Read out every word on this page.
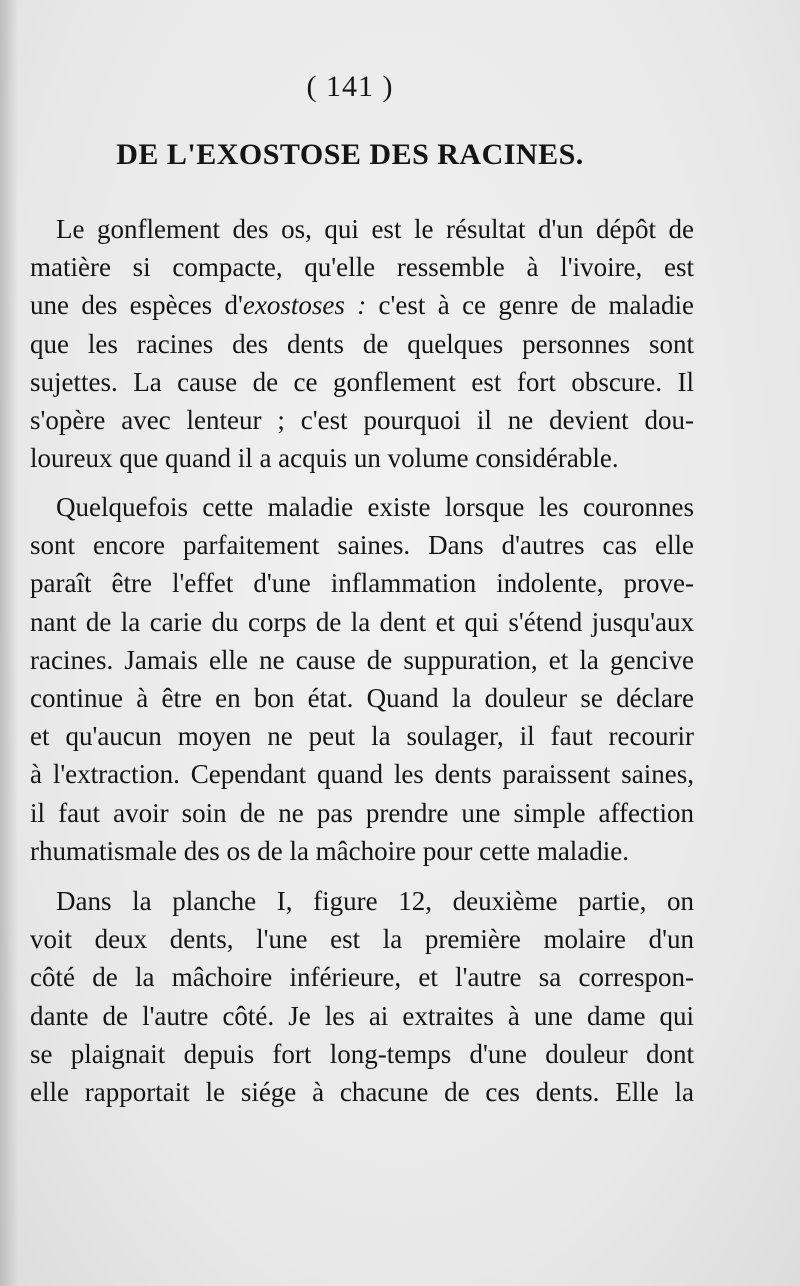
( 141 )
DE L'EXOSTOSE DES RACINES.
Le gonflement des os, qui est le résultat d'un dépôt de
matière si compacte, qu'elle ressemble à l'ivoire, est
une des espèces d'exostoses : c'est à ce genre de maladie
que les racines des dents de quelques personnes sont
sujettes. La cause de ce gonflement est fort obscure. Il
s'opère avec lenteur ; c'est pourquoi il ne devient dou-
loureux que quand il a acquis un volume considérable.
Quelquefois cette maladie existe lorsque les couronnes
sont encore parfaitement saines. Dans d'autres cas elle
paraît être l'effet d'une inflammation indolente, prove-
nant de la carie du corps de la dent et qui s'étend jusqu'aux
racines. Jamais elle ne cause de suppuration, et la gencive
continue à être en bon état. Quand la douleur se déclare
et qu'aucun moyen ne peut la soulager, il faut recourir
à l'extraction. Cependant quand les dents paraissent saines,
il faut avoir soin de ne pas prendre une simple affection
rhumatismale des os de la mâchoire pour cette maladie.
Dans la planche I, figure 12, deuxième partie, on
voit deux dents, l'une est la première molaire d'un
côté de la mâchoire inférieure, et l'autre sa correspon-
dante de l'autre côté. Je les ai extraites à une dame qui
se plaignait depuis fort long-temps d'une douleur dont
elle rapportait le siége à chacune de ces dents. Elle la
